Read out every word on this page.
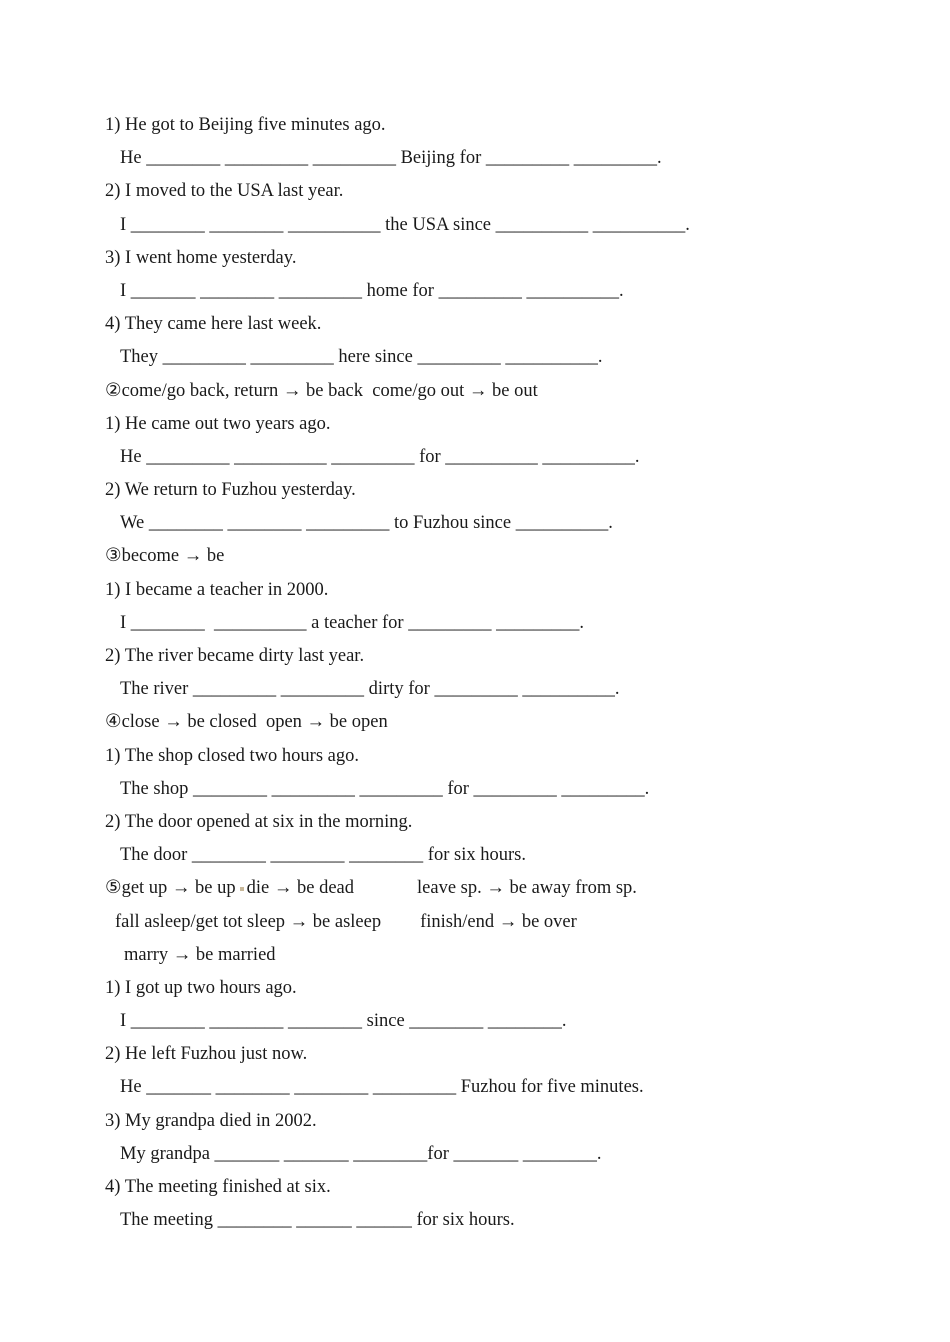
1) He got to Beijing five minutes ago.
He ________ _________ _________ Beijing for _________ _________.
2) I moved to the USA last year.
I ________ ________ __________ the USA since __________ __________.
3) I went home yesterday.
I _______ ________ _________ home for _________ __________.
4) They came here last week.
They _________ _________ here since _________ __________.
②come/go back, return → be back  come/go out → be out
1) He came out two years ago.
He _________ __________ _________ for __________ __________.
2) We return to Fuzhou yesterday.
We ________ ________ _________ to Fuzhou since __________.
③become → be
1) I became a teacher in 2000.
I ________  __________ a teacher for _________ _________.
2) The river became dirty last year.
The river _________ _________ dirty for _________ __________.
④close → be closed  open → be open
1) The shop closed two hours ago.
The shop ________ _________ _________ for _________ _________.
2) The door opened at six in the morning.
The door ________ ________ ________ for six hours.
⑤get up → be up die → be dead	leave sp. → be away from sp.
fall asleep/get tot sleep → be asleep finish/end → be over
marry → be married
1) I got up two hours ago.
I ________ ________ ________ since ________ ________.
2) He left Fuzhou just now.
He _______ ________ ________ _________ Fuzhou for five minutes.
3) My grandpa died in 2002.
My grandpa _______ _______ ________for _______ ________.
4) The meeting finished at six.
The meeting ________ ______ ______ for six hours.
